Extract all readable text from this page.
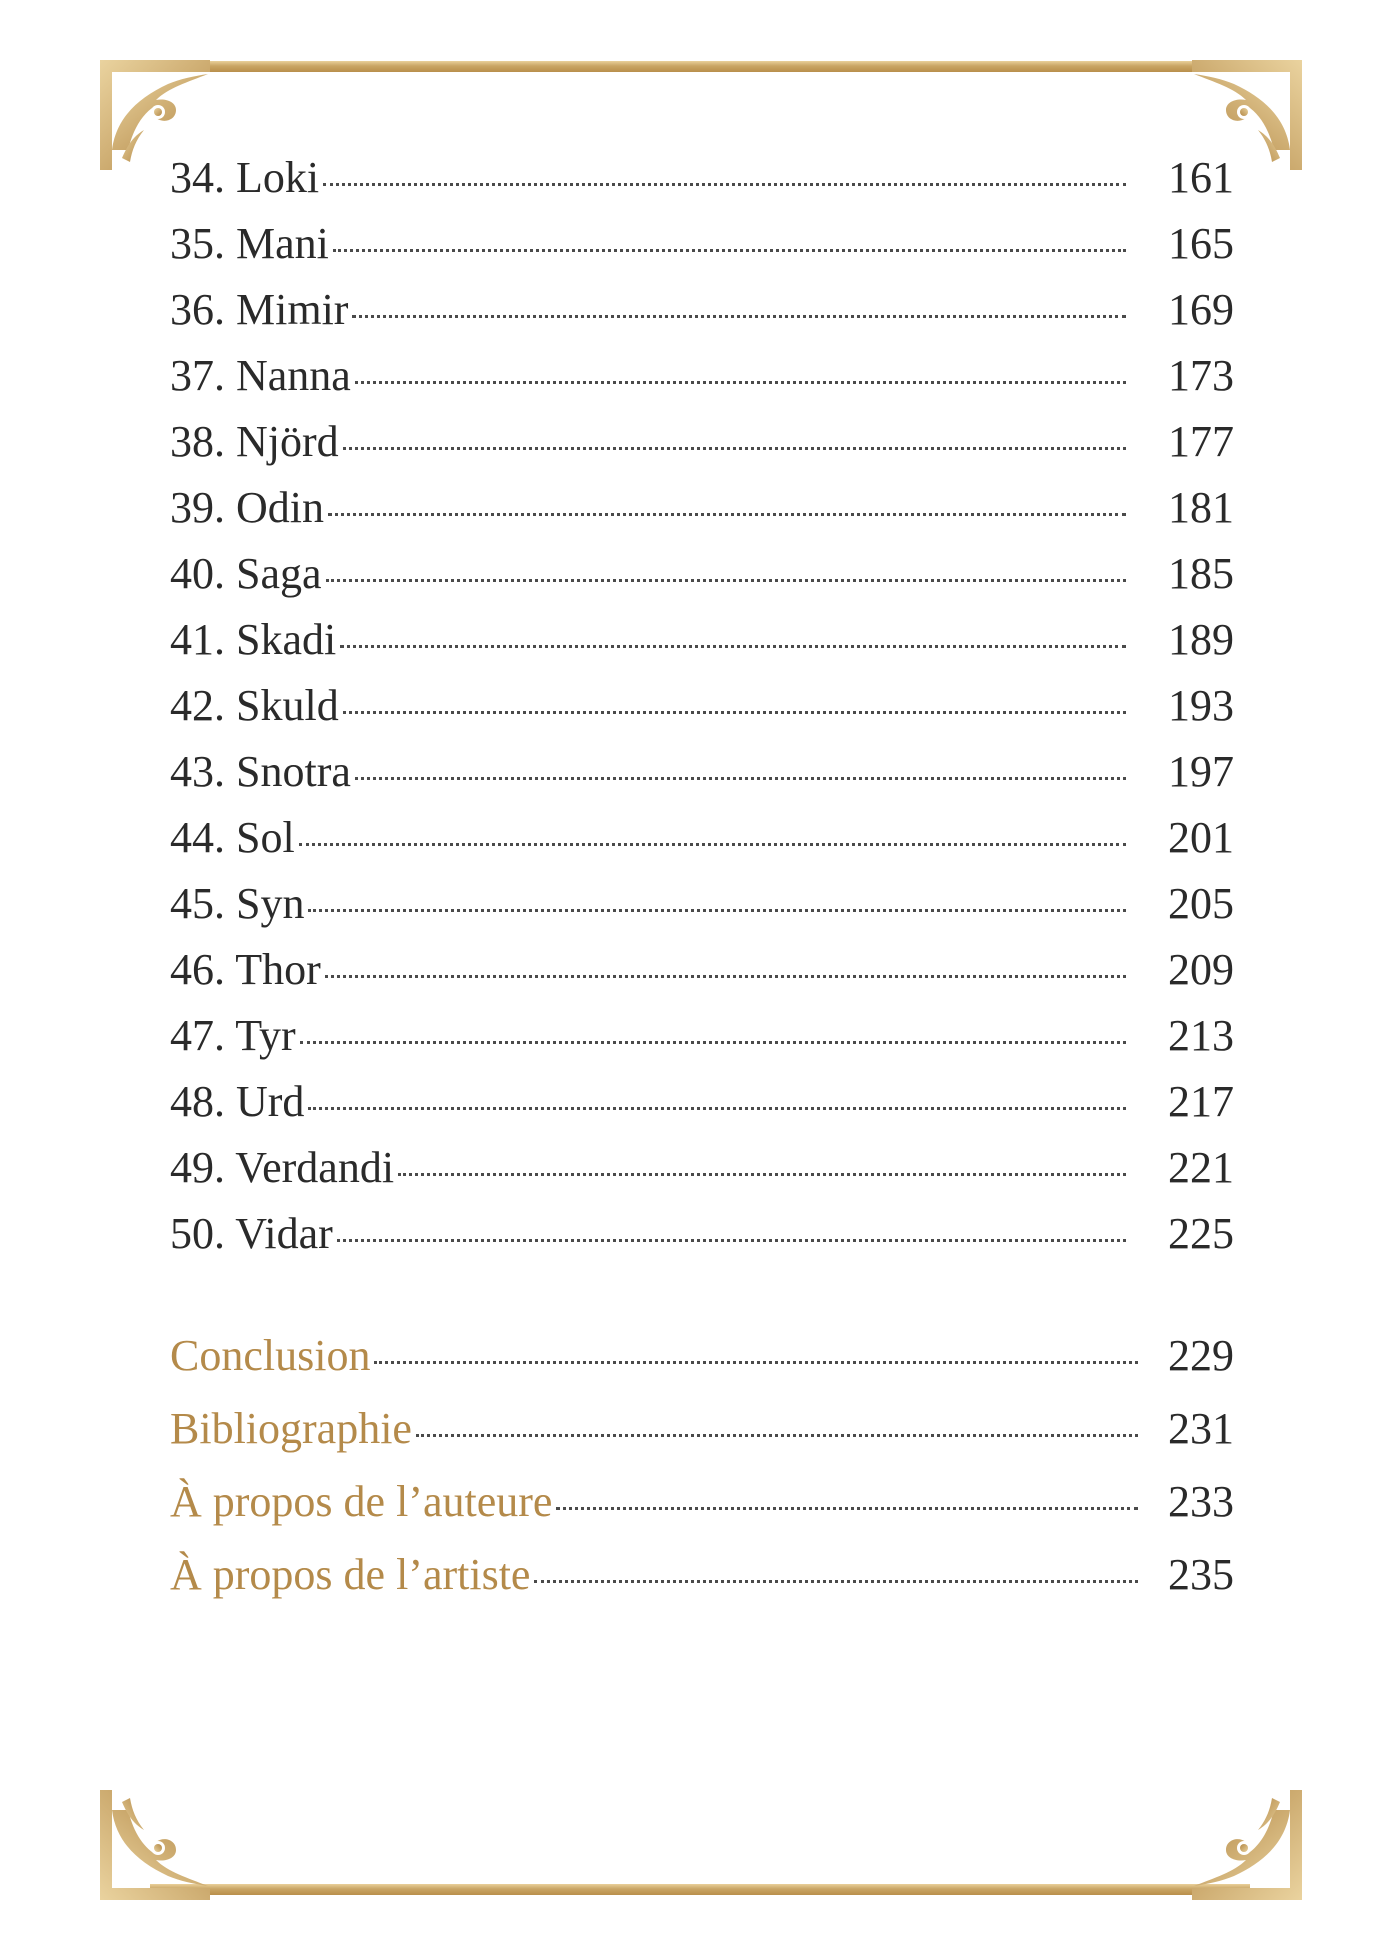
34. Loki	161
35. Mani	165
36. Mimir	169
37. Nanna	173
38. Njörd	177
39. Odin	181
40. Saga	185
41. Skadi	189
42. Skuld	193
43. Snotra	197
44. Sol	201
45. Syn	205
46. Thor	209
47. Tyr	213
48. Urd	217
49. Verdandi	221
50. Vidar	225
Conclusion	229
Bibliographie	231
À propos de l’auteure	233
À propos de l’artiste	235
